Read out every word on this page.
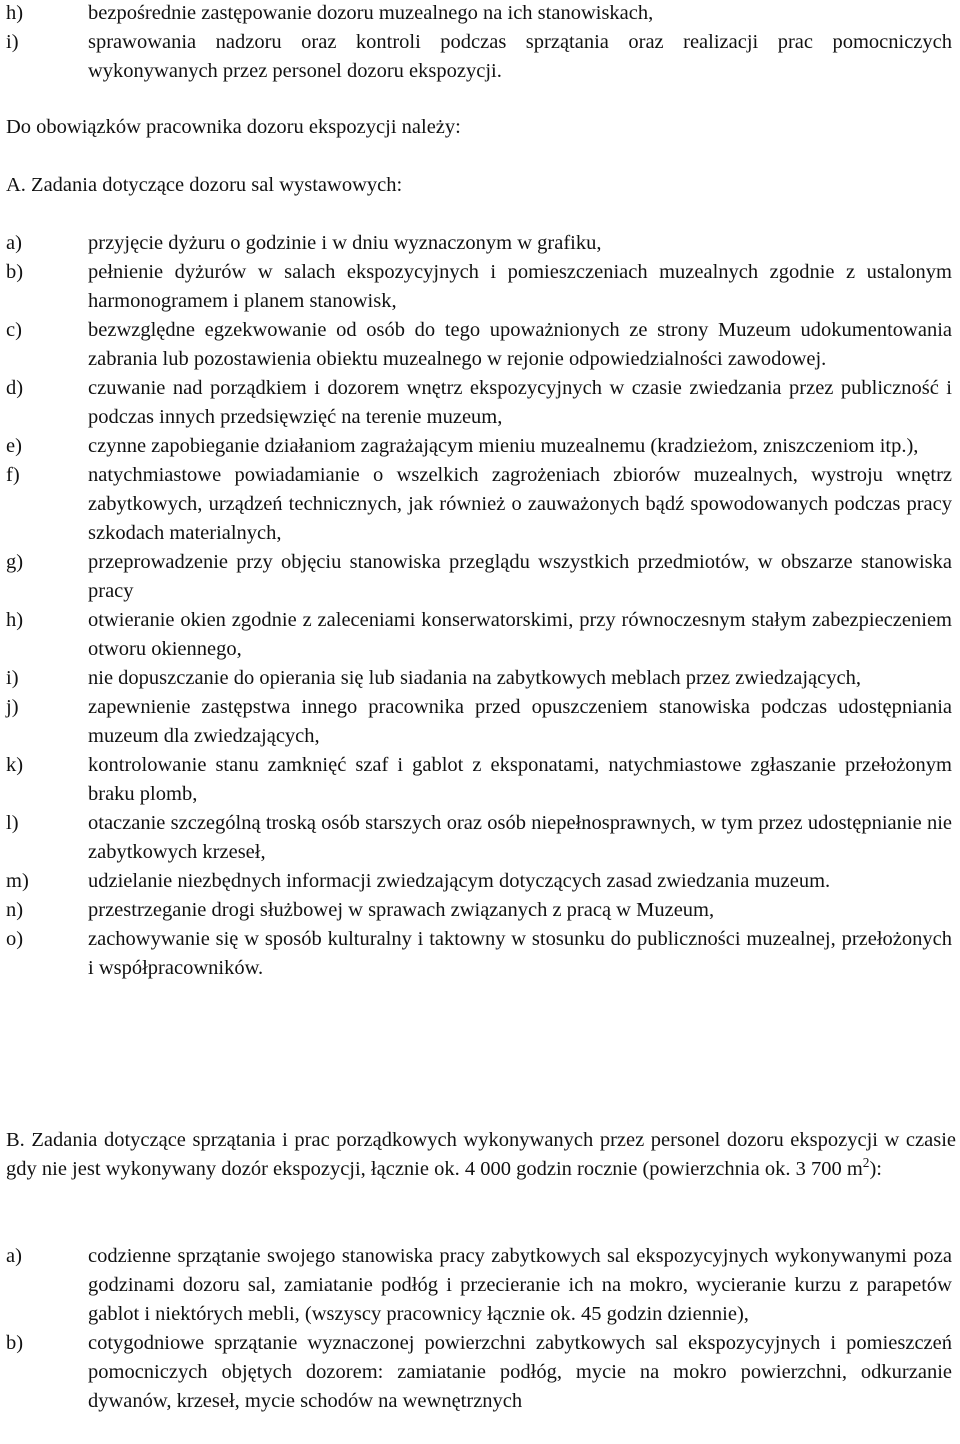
h)	bezpośrednie zastępowanie dozoru muzealnego na ich stanowiskach,
i)	sprawowania nadzoru oraz kontroli podczas sprzątania oraz realizacji prac pomocniczych wykonywanych przez personel dozoru ekspozycji.
Do obowiązków pracownika dozoru ekspozycji należy:
A. Zadania dotyczące dozoru sal wystawowych:
a)	przyjęcie dyżuru o godzinie i w dniu wyznaczonym w grafiku,
b)	pełnienie dyżurów w salach ekspozycyjnych i pomieszczeniach muzealnych zgodnie z ustalonym harmonogramem i planem stanowisk,
c)	bezwzględne egzekwowanie od osób do tego upoważnionych ze strony Muzeum udokumentowania zabrania lub pozostawienia obiektu muzealnego w rejonie odpowiedzialności zawodowej.
d)	czuwanie nad porządkiem i dozorem wnętrz ekspozycyjnych w czasie zwiedzania przez publiczność i podczas innych przedsięwzięć na terenie muzeum,
e)	czynne zapobieganie działaniom zagrażającym mieniu muzealnemu (kradzieżom, zniszczeniom itp.),
f)	natychmiastowe powiadamianie o wszelkich zagrożeniach zbiorów muzealnych, wystroju wnętrz zabytkowych, urządzeń technicznych, jak również o zauważonych bądź spowodowanych podczas pracy szkodach materialnych,
g)	przeprowadzenie przy objęciu stanowiska przeglądu wszystkich przedmiotów, w obszarze stanowiska pracy
h)	otwieranie okien zgodnie z zaleceniami konserwatorskimi, przy równoczesnym stałym zabezpieczeniem otworu okiennego,
i)	nie dopuszczanie do opierania się lub siadania na zabytkowych meblach przez zwiedzających,
j)	zapewnienie zastępstwa innego pracownika przed opuszczeniem stanowiska podczas udostępniania muzeum dla zwiedzających,
k)	kontrolowanie stanu zamknięć szaf i gablot z eksponatami, natychmiastowe zgłaszanie przełożonym braku plomb,
l)	otaczanie szczególną troską osób starszych oraz osób niepełnosprawnych, w tym przez udostępnianie nie zabytkowych krzeseł,
m)	udzielanie niezbędnych informacji zwiedzającym dotyczących zasad zwiedzania muzeum.
n)	przestrzeganie drogi służbowej w sprawach związanych z pracą w Muzeum,
o)	zachowywanie się w sposób kulturalny i taktowny w stosunku do publiczności muzealnej, przełożonych i współpracowników.
B. Zadania dotyczące sprzątania i prac porządkowych wykonywanych przez personel dozoru ekspozycji w czasie gdy nie jest wykonywany dozór ekspozycji, łącznie ok. 4 000 godzin rocznie (powierzchnia ok. 3 700 $m^2$):
a)	codzienne sprzątanie swojego stanowiska pracy zabytkowych sal ekspozycyjnych wykonywanymi poza godzinami dozoru sal, zamiatanie podłóg i przecieranie ich na mokro, wycieranie kurzu z parapetów gablot i niektórych mebli, (wszyscy pracownicy łącznie ok. 45 godzin dziennie),
b)	cotygodniowe sprzątanie wyznaczonej powierzchni zabytkowych sal ekspozycyjnych i pomieszczeń pomocniczych objętych dozorem: zamiatanie podłóg, mycie na mokro powierzchni, odkurzanie dywanów, krzeseł, mycie schodów na wewnętrznych
